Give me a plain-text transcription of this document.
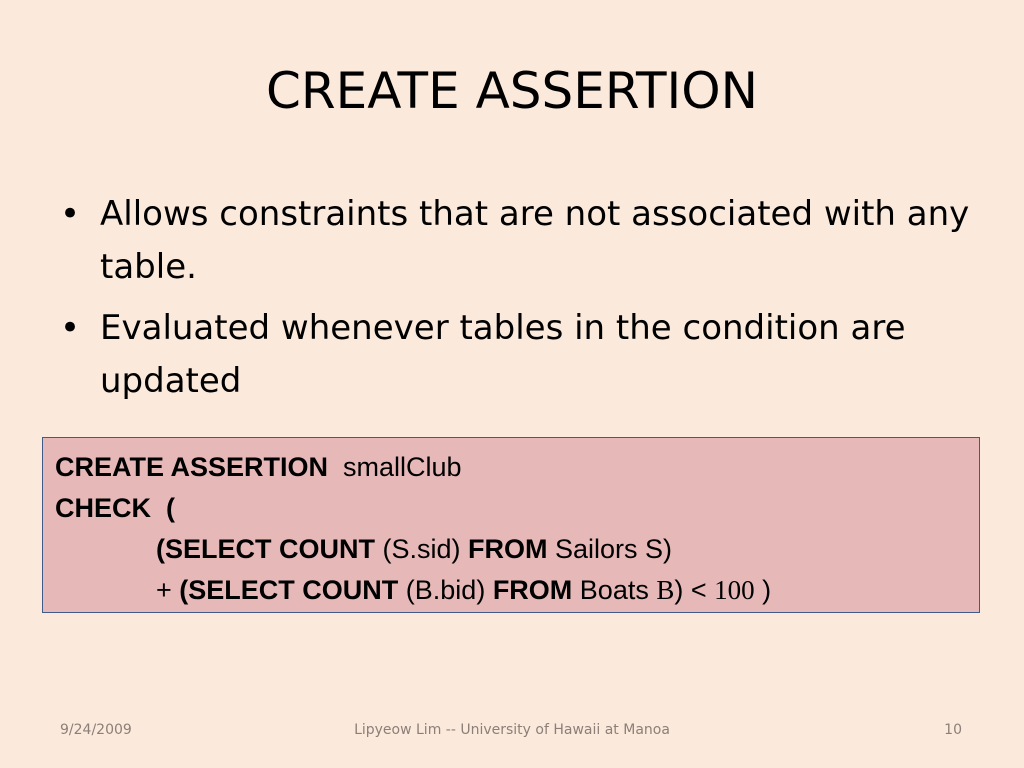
CREATE ASSERTION
• Allows constraints that are not associated with any table.
• Evaluated whenever tables in the condition are updated
CREATE ASSERTION  smallClub
CHECK  (
(SELECT COUNT (S.sid) FROM Sailors S)
+ (SELECT COUNT (B.bid) FROM Boats B) < 100 )
9/24/2009	Lipyeow Lim -- University of Hawaii at Manoa	10
